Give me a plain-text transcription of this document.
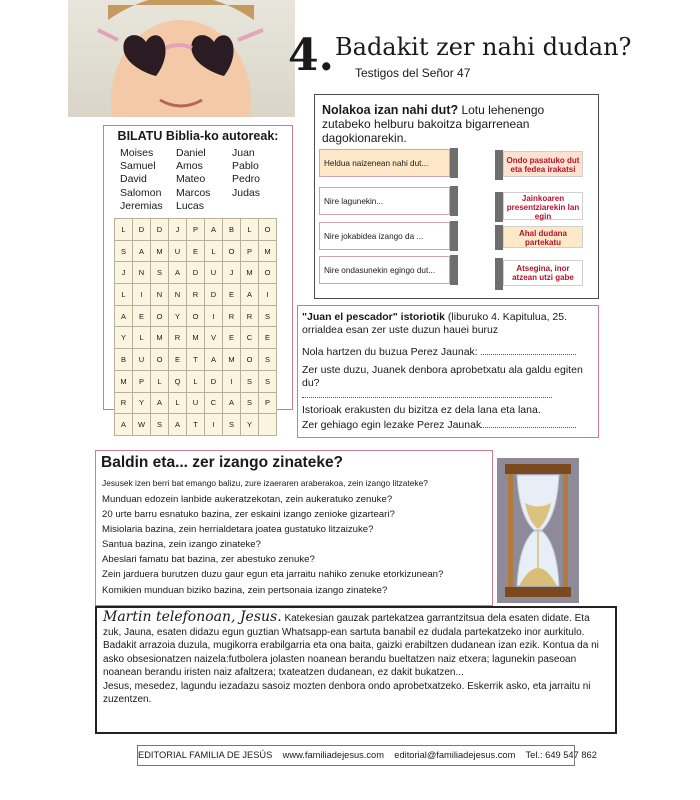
4. Badakit zer nahi dudan?
Testigos del Señor 47
BILATU Biblia-ko autoreak:
Moises
Samuel
David
Salomon
Jeremias
Daniel
Amos
Mateo
Marcos
Lucas
Juan
Pablo
Pedro
Judas
L	D	D	J	P	A	B	L	O
S	A	M	U	E	L	O	P	M
J	N	S	A	D	U	J	M	O
L	I	N	N	R	D	E	A	I
A	E	O	Y	O	I	R	R	S
Y	L	M	R	M	V	E	C	E
B	U	O	E	T	A	M	O	S
M	P	L	Q	L	D	I	S	S
R	Y	A	L	U	C	A	S	P
A	W	S	A	T	I	S	Y	
Nolakoa izan nahi dut? Lotu lehenengo zutabeko helburu bakoitza bigarrenean dagokionarekin.
Heldua naizenean nahi dut...
Nire lagunekin...
Nire jokabidea izango da ...
Nire ondasunekin egingo dut...
Ondo pasatuko dut eta fedea irakatsi
Jainkoaren presentziarekin lan egin
Ahal dudana partekatu
Atsegina, inor atzean utzi gabe

"Juan el pescador" istoriotik (liburuko 4. Kapitulua, 25. orrialdea esan zer uste duzun hauei buruz

Nola hartzen du buzua Perez Jaunak:

Zer uste duzu, Juanek denbora aprobetxatu ala galdu egiten du?

Istorioak erakusten du bizitza ez dela lana eta lana.

Zer gehiago egin lezake Perez Jaunak

Baldin eta... zer izango zinateke?
Jesusek izen berri bat emango balizu, zure izaeraren araberakoa, zein izango litzateke?
Munduan edozein lanbide aukeratzekotan, zein aukeratuko zenuke?
20 urte barru esnatuko bazina, zer eskaini izango zenioke gizarteari?
Misiolaria bazina, zein herrialdetara joatea gustatuko litzaizuke?
Santua bazina, zein izango zinateke?
Abeslari famatu bat bazina, zer abestuko zenuke?
Zein jarduera burutzen duzu gaur egun eta jarraitu nahiko zenuke etorkizunean?
Komikien munduan biziko bazina, zein pertsonaia izango zinateke?

Martin telefonoan, Jesus. Katekesian gauzak partekatzea garrantzitsua dela esaten didate. Eta zuk, Jauna, esaten didazu egun guztian Whatsapp-ean sartuta banabil ez dudala partekatzeko inor aurkitulo.

Badakit arrazoia duzula, mugikorra erabilgarria eta ona baita, gaizki erabiltzen dudanean izan ezik. Kontua da ni asko obsesionatzen naizela:futbolera jolasten noanean berandu bueltatzen naiz etxera; lagunekin paseoan noanean berandu iristen naiz afaltzera; txateatzen dudanean, ez dakit bukatzen...

Jesus, mesedez, lagundu iezadazu sasoiz mozten denbora ondo aprobetxatzeko. Eskerrik asko, eta jarraitu ni zuzentzen.

EDITORIAL FAMILIA DE JESÚS www.familiadejesus.com editorial@familiadejesus.com Tel.: 649 547 862
